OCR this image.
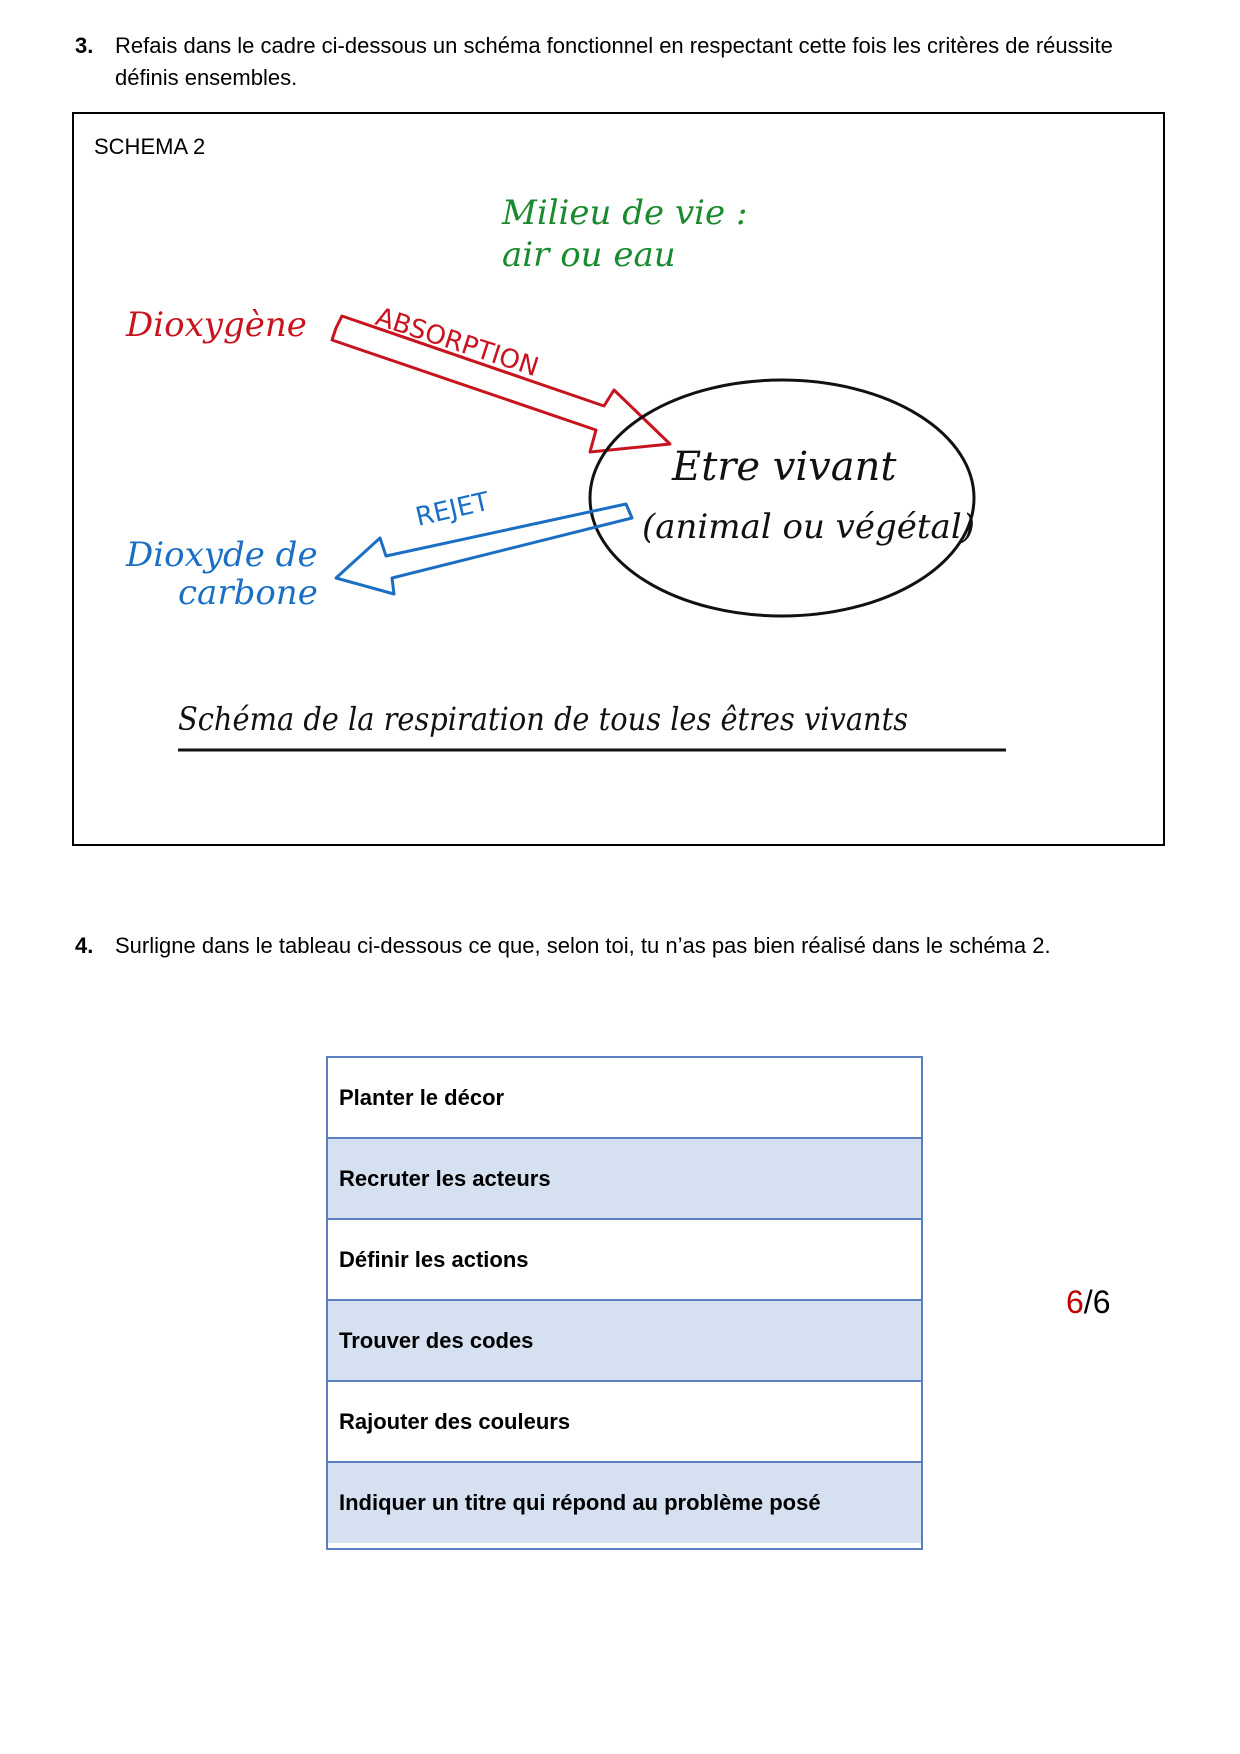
3. Refais dans le cadre ci-dessous un schéma fonctionnel en respectant cette fois les critères de réussite définis ensembles.
SCHEMA 2
Milieu de vie :
air ou eau
Dioxygène ABSORPTION
Etre vivant
(animal ou végétal)
REJET
Dioxyde de
carbone
Schéma de la respiration de tous les êtres vivants
4. Surligne dans le tableau ci-dessous ce que, selon toi, tu n’as pas bien réalisé dans le schéma 2.
Planter le décor
Recruter les acteurs
Définir les actions
Trouver des codes
Rajouter des couleurs
Indiquer un titre qui répond au problème posé
6/6
